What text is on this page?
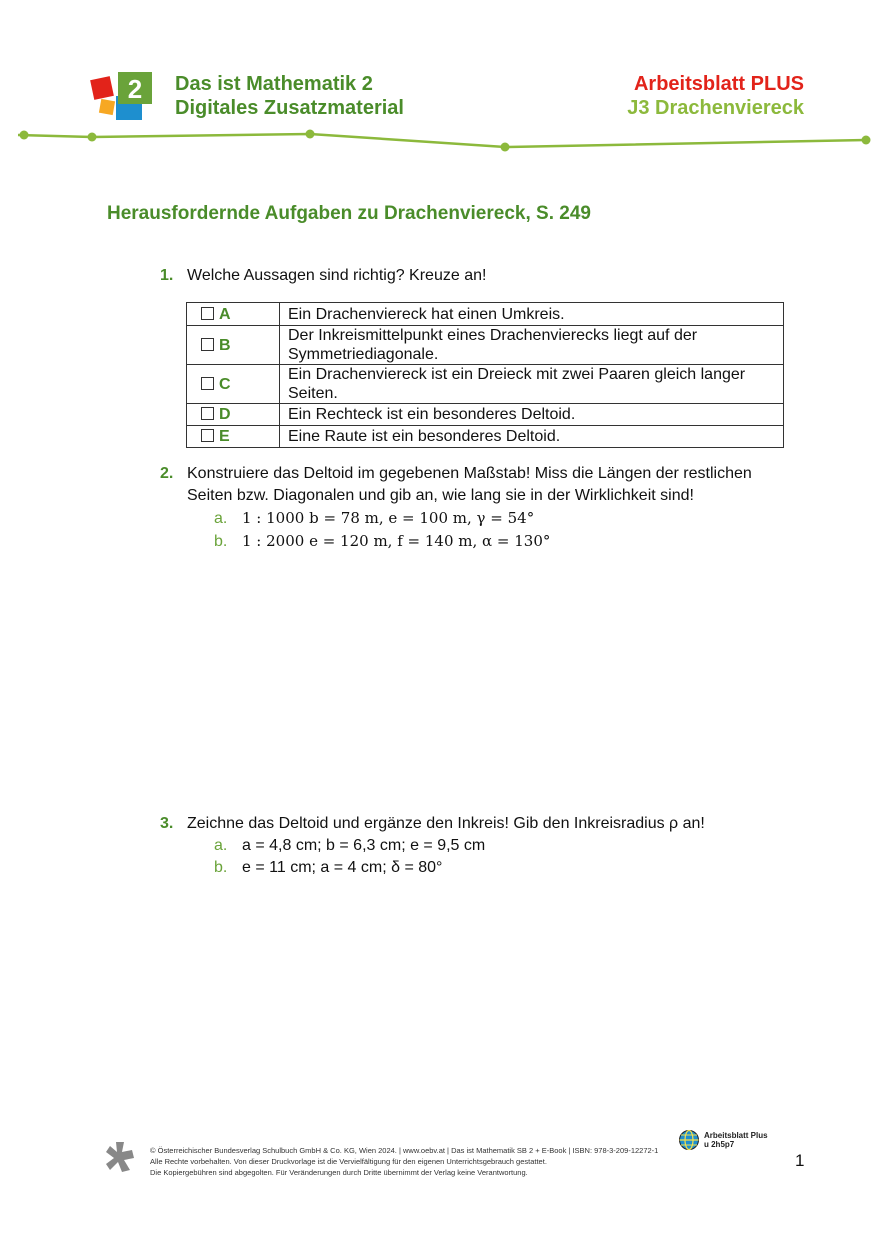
2 Das ist Mathematik 2
Digitales Zusatzmaterial
Arbeitsblatt PLUS
J3 Drachenviereck
Herausfordernde Aufgaben zu Drachenviereck, S. 249
1. Welche Aussagen sind richtig? Kreuze an!
A	Ein Drachenviereck hat einen Umkreis.
B	Der Inkreismittelpunkt eines Drachenvierecks liegt auf der Symmetriediagonale.
C	Ein Drachenviereck ist ein Dreieck mit zwei Paaren gleich langer Seiten.
D	Ein Rechteck ist ein besonderes Deltoid.
E	Eine Raute ist ein besonderes Deltoid.
2. Konstruiere das Deltoid im gegebenen Maßstab! Miss die Längen der restlichen
Seiten bzw. Diagonalen und gib an, wie lang sie in der Wirklichkeit sind!
a. 1 : 1000 b = 78 m, e = 100 m, γ = 54°
b. 1 : 2000 e = 120 m, f = 140 m, α = 130°
3. Zeichne das Deltoid und ergänze den Inkreis! Gib den Inkreisradius ρ an!
a. a = 4,8 cm; b = 6,3 cm; e = 9,5 cm
b. e = 11 cm; a = 4 cm; δ = 80°
© Österreichischer Bundesverlag Schulbuch GmbH & Co. KG, Wien 2024. | www.oebv.at | Das ist Mathematik SB 2 + E-Book | ISBN: 978-3-209-12272-1
Alle Rechte vorbehalten. Von dieser Druckvorlage ist die Vervielfältigung für den eigenen Unterrichtsgebrauch gestattet.
Die Kopiergebühren sind abgegolten. Für Veränderungen durch Dritte übernimmt der Verlag keine Verantwortung.
Arbeitsblatt Plus
u 2h5p7
1
